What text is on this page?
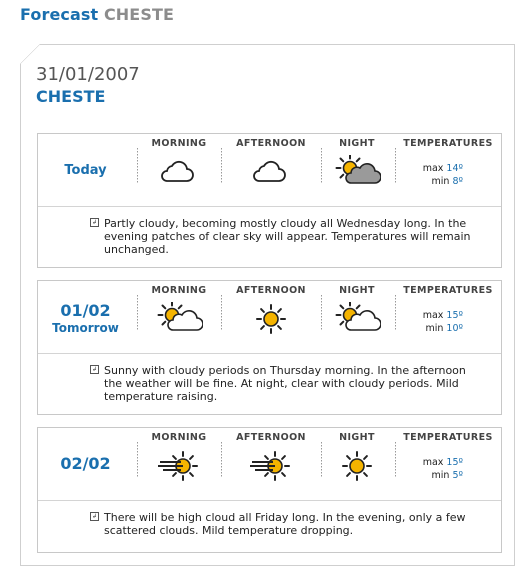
Forecast CHESTE
31/01/2007
CHESTE
Today
MORNING	AFTERNOON	NIGHT	TEMPERATURES
max 14º
min 8º
↲ Partly cloudy, becoming mostly cloudy all Wednesday long. In the evening patches of clear sky will appear. Temperatures will remain unchanged.
01/02
Tomorrow
MORNING	AFTERNOON	NIGHT	TEMPERATURES
max 15º
min 10º
↲ Sunny with cloudy periods on Thursday morning. In the afternoon the weather will be fine. At night, clear with cloudy periods. Mild temperature raising.
02/02
MORNING	AFTERNOON	NIGHT	TEMPERATURES
max 15º
min 5º
↲ There will be high cloud all Friday long. In the evening, only a few scattered clouds. Mild temperature dropping.
